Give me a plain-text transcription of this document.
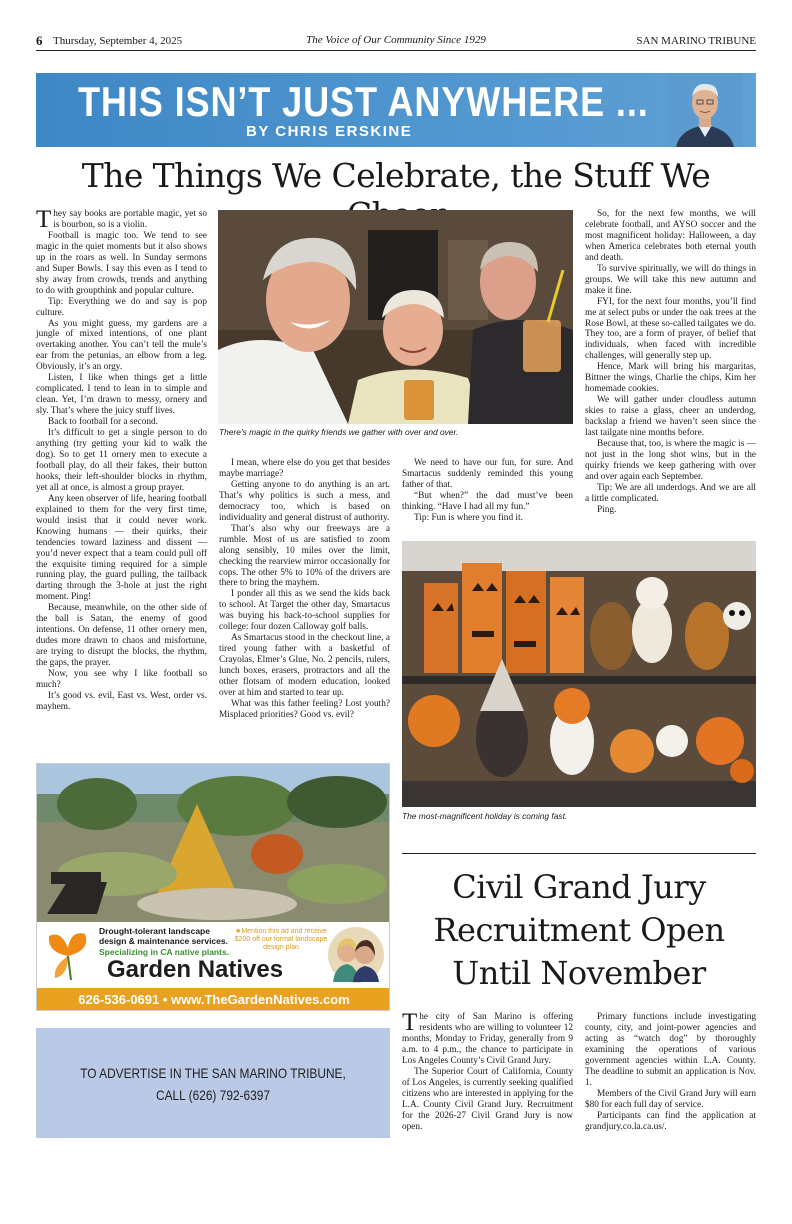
6 Thursday, September 4, 2025	The Voice of Our Community Since 1929	SAN MARINO TRIBUNE
THIS ISN’T JUST ANYWHERE ...
BY CHRIS ERSKINE
The Things We Celebrate, the Stuff We

They say books are portable magic, yet so is bourbon, so is a violin.

Football is magic too. We tend to see magic in the quiet moments but it also shows up in the roars as well. In Sunday sermons and Super Bowls. I say this even as I tend to shy away from crowds, trends and anything to do with groupthink and popular culture.

Tip: Everything we do and say is pop culture.

As you might guess, my gardens are a jungle of mixed intentions, of one plant overtaking another. You can’t tell the mule’s ear from the petunias, an elbow from a leg. Obviously, it’s an orgy.

Listen, I like when things get a little complicated. I tend to lean in to simple and clean. Yet, I’m drawn to messy, ornery and sly. That’s where the juicy stuff lives.

Back to football for a second.

It’s difficult to get a single person to do anything (try getting your kid to walk the dog). So to get 11 ornery men to execute a football play, do all their fakes, their button hooks, their left-shoulder blocks in rhythm, yet all at once, is almost a group prayer.

Any keen observer of life, hearing football explained to them for the very first time, would insist that it could never work. Knowing humans — their quirks, their tendencies toward laziness and dissent — you’d never expect that a team could pull off the exquisite timing required for a simple running play, the guard pulling, the tailback darting through the 3-hole at just the right moment. Ping!

Because, meanwhile, on the other side of the ball is Satan, the enemy of good intentions. On defense, 11 other ornery men, dudes more drawn to chaos and misfortune, are trying to disrupt the blocks, the rhythm, the gaps, the prayer.

Now, you see why I like football so much?

It’s good vs. evil, East vs. West, order vs. mayhem.

There’s magic in the quirky friends we gather with over and over.

I mean, where else do you get that besides maybe marriage?

Getting anyone to do anything is an art. That’s why politics is such a mess, and democracy too, which is based on individuality and general distrust of authority.

That’s also why our freeways are a rumble. Most of us are satisfied to zoom along sensibly, 10 miles over the limit, checking the rearview mirror occasionally for cops. The other 5% to 10% of the drivers are there to bring the mayhem.

I ponder all this as we send the kids back to school. At Target the other day, Smartacus was buying his back-to-school supplies for college: four dozen Calloway golf balls.

As Smartacus stood in the checkout line, a tired young father with a basketful of Crayolas, Elmer’s Glue, No. 2 pencils, rulers, lunch boxes, erasers, protractors and all the other flotsam of modern education, looked over at him and started to tear up.

What was this father feeling? Lost youth? Misplaced priorities? Good vs. evil?

We need to have our fun, for sure. And Smartacus suddenly reminded this young father of that.

“But when?” the dad must’ve been thinking. “Have I had all my fun.”

Tip: Fun is where you find it.

So, for the next few months, we will celebrate football, and AYSO soccer and the most magnificent holiday: Halloween, a day when America celebrates both eternal youth and death.

To survive spiritually, we will do things in groups. We will take this new autumn and make it fine.

FYI, for the next four months, you’ll find me at select pubs or under the oak trees at the Rose Bowl, at these so-called tailgates we do. They too, are a form of prayer, of belief that individuals, when faced with incredible challenges, will generally step up.

Hence, Mark will bring his margaritas, Bittner the wings, Charlie the chips, Kim her homemade cookies.

We will gather under cloudless autumn skies to raise a glass, cheer an underdog, backslap a friend we haven’t seen since the last tailgate nine months before.

Because that, too, is where the magic is — not just in the long shot wins, but in the quirky friends we keep gathering with over and over again each September.

Tip: We are all underdogs. And we are all a little complicated.

Ping.

The most-magnificent holiday is coming fast.
Civil Grand Jury Recruitment Open Until November

The city of San Marino is offering residents who are willing to volunteer 12 months, Monday to Friday, generally from 9 a.m. to 4 p.m., the chance to participate in Los Angeles County’s Civil Grand Jury.

The Superior Court of California, County of Los Angeles, is currently seeking qualified citizens who are interested in applying for the L.A. County Civil Grand Jury. Recruitment for the 2026-27 Civil Grand Jury is now open.

Primary functions include investigating county, city, and joint-power agencies and acting as “watch dog” by thoroughly examining the operations of various government agencies within L.A. County. The deadline to submit an application is Nov. 1.

Members of the Civil Grand Jury will earn $80 for each full day of service.

Participants can find the application at grandjury.co.la.ca.us/.

Drought-tolerant landscape design & maintenance services.
Specializing in CA native plants.
★Mention this ad and receive $200 off our formal landscape design plan
Garden Natives
626-536-0691 • www.TheGardenNatives.com
TO ADVERTISE IN THE SAN MARINO TRIBUNE,
CALL (626) 792-6397
